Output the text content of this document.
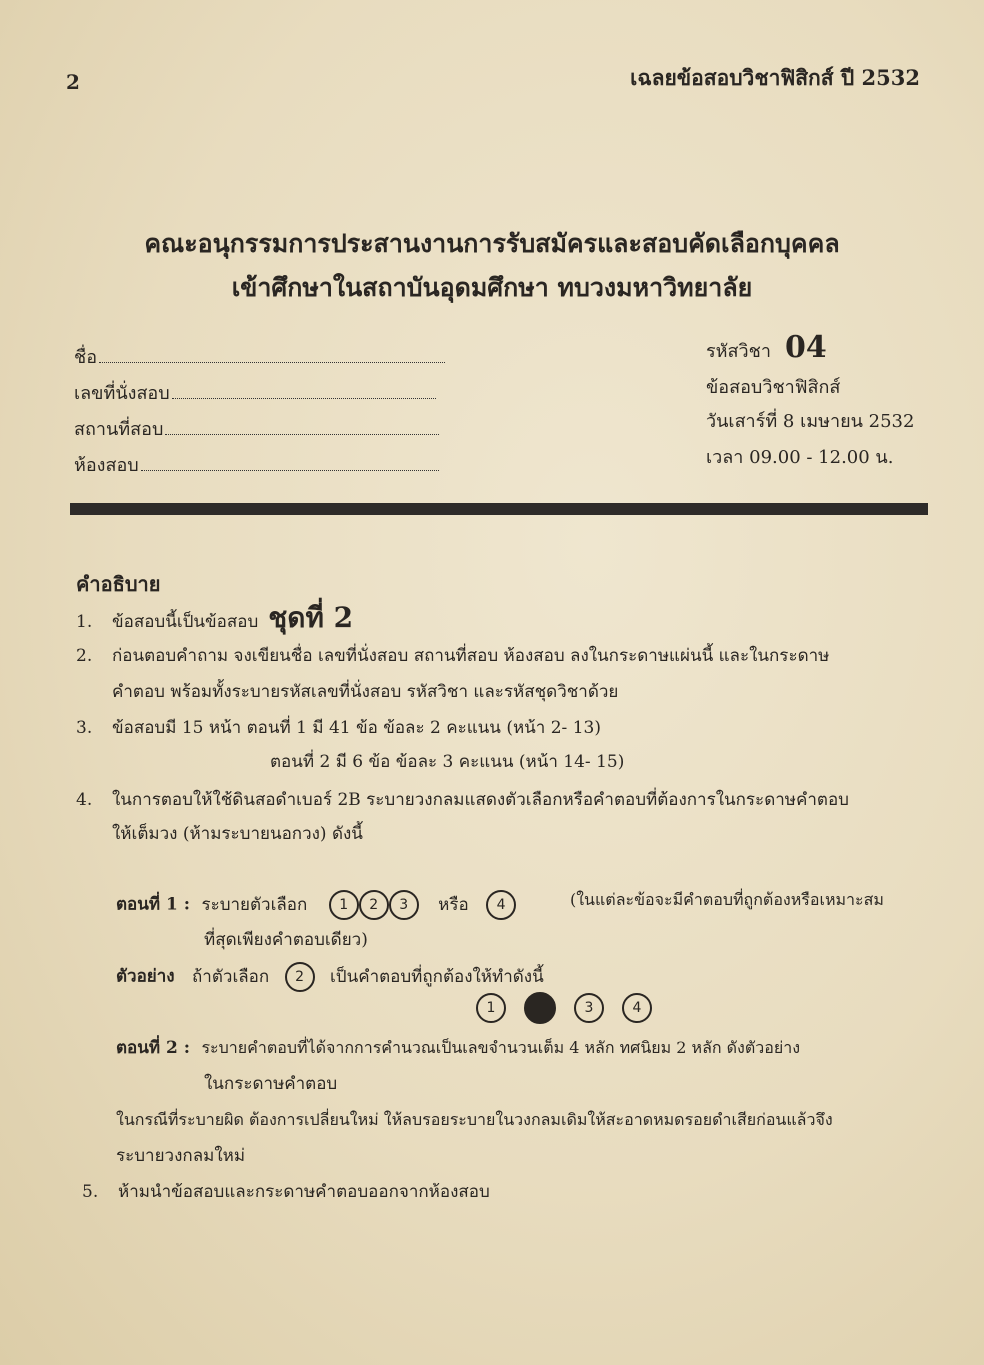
2	เฉลยข้อสอบวิชาฟิสิกส์ ปี 2532
คณะอนุกรรมการประสานงานการรับสมัครและสอบคัดเลือกบุคคล
เข้าศึกษาในสถาบันอุดมศึกษา ทบวงมหาวิทยาลัย
ชื่อ
เลขที่นั่งสอบ
สถานที่สอบ
ห้องสอบ
รหัสวิชา 04
ข้อสอบวิชาฟิสิกส์
วันเสาร์ที่ 8 เมษายน 2532
เวลา 09.00 - 12.00 น.
คำอธิบาย
1. ข้อสอบนี้เป็นข้อสอบ ชุดที่ 2
2. ก่อนตอบคำถาม จงเขียนชื่อ เลขที่นั่งสอบ สถานที่สอบ ห้องสอบ ลงในกระดาษแผ่นนี้ และในกระดาษ
คำตอบ พร้อมทั้งระบายรหัสเลขที่นั่งสอบ รหัสวิชา และรหัสชุดวิชาด้วย
3. ข้อสอบมี 15 หน้า ตอนที่ 1 มี 41 ข้อ ข้อละ 2 คะแนน (หน้า 2- 13)
ตอนที่ 2 มี 6 ข้อ ข้อละ 3 คะแนน (หน้า 14- 15)
4. ในการตอบให้ใช้ดินสอดำเบอร์ 2B ระบายวงกลมแสดงตัวเลือกหรือคำตอบที่ต้องการในกระดาษคำตอบ
ให้เต็มวง (ห้ามระบายนอกวง) ดังนี้
ตอนที่ 1 : ระบายตัวเลือก 1 2 3 หรือ 4	(ในแต่ละข้อจะมีคำตอบที่ถูกต้องหรือเหมาะสม
ที่สุดเพียงคำตอบเดียว)
ตัวอย่าง ถ้าตัวเลือก 2 เป็นคำตอบที่ถูกต้องให้ทำดังนี้
1	3	4
ตอนที่ 2 : ระบายคำตอบที่ได้จากการคำนวณเป็นเลขจำนวนเต็ม 4 หลัก ทศนิยม 2 หลัก ดังตัวอย่าง
ในกระดาษคำตอบ
ในกรณีที่ระบายผิด ต้องการเปลี่ยนใหม่ ให้ลบรอยระบายในวงกลมเดิมให้สะอาดหมดรอยดำเสียก่อนแล้วจึง
ระบายวงกลมใหม่
5. ห้ามนำข้อสอบและกระดาษคำตอบออกจากห้องสอบ
